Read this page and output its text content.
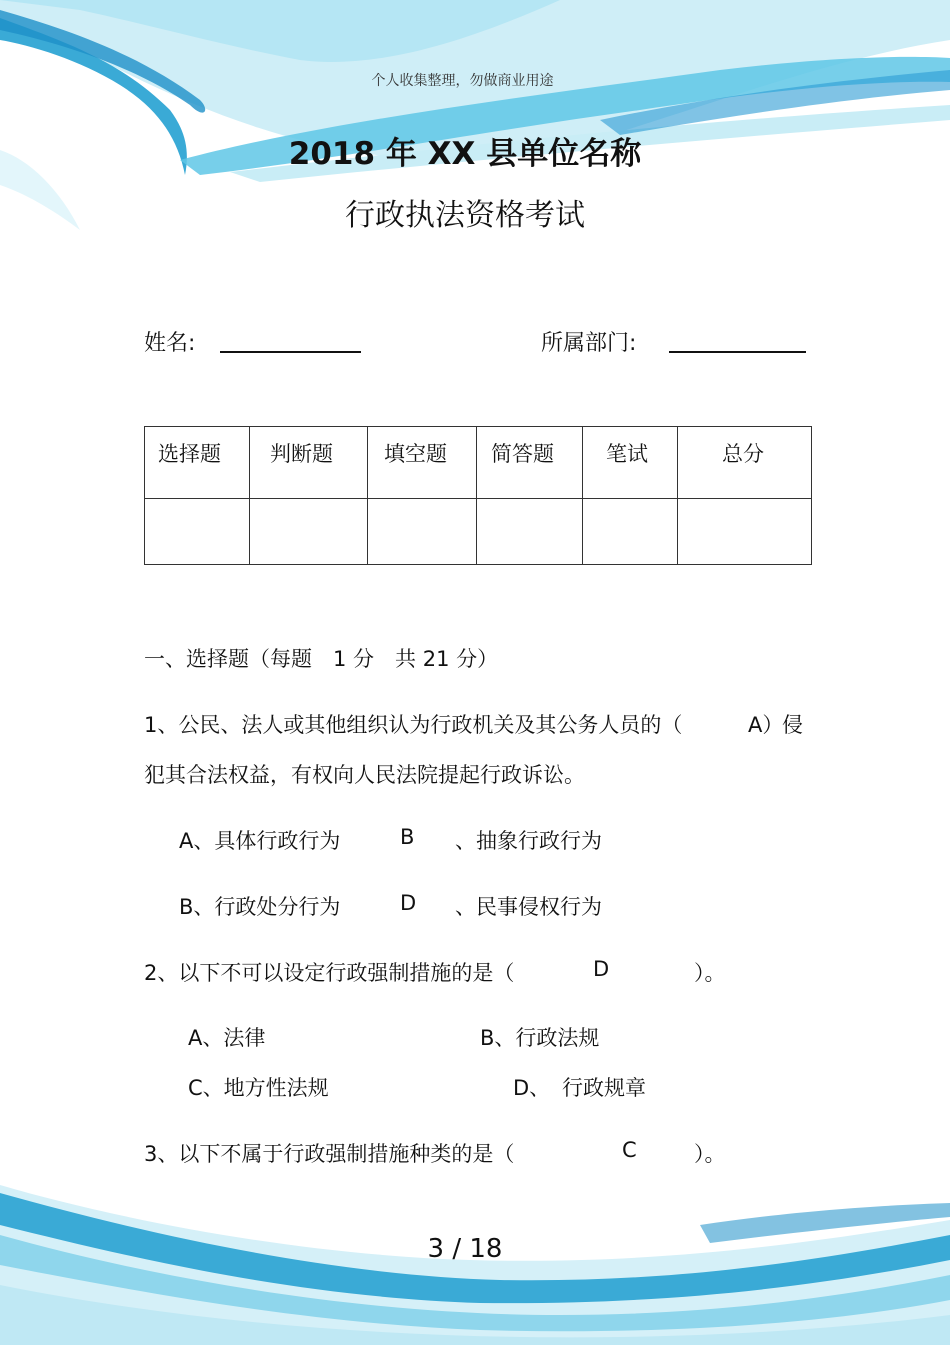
个人收集整理，勿做商业用途
2018 年 XX 县单位名称
行政执法资格考试
姓名:	所属部门:
选择题	判断题	填空题	简答题	笔试	总分

一、选择题（每题　1 分　共 21 分）
1、公民、法人或其他组织认为行政机关及其公务人员的（	A）
侵
犯其合法权益，有权向人民法院提起行政诉讼。
A、具体行政行为	B 、抽象行政行为
B、行政处分行为	D 、民事侵权行为
2、以下不可以设定行政强制措施的是（	D	）。
A、法律	B、行政法规
C、地方性法规	D、 行政规章
3、以下不属于行政强制措施种类的是（	C	）。
3 / 18
